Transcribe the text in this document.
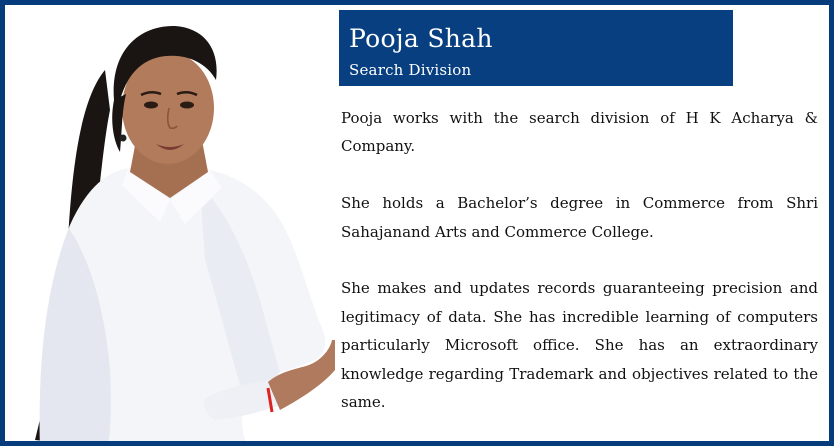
Pooja Shah
Search Division

Pooja works with the search division of H K Acharya & Company.

She holds a Bachelor’s degree in Commerce from Shri Sahajanand Arts and Commerce College.

She makes and updates records guaranteeing precision and legitimacy of data. She has incredible learning of computers particularly Microsoft office. She has an extraordinary knowledge regarding Trademark and objectives related to the same.
